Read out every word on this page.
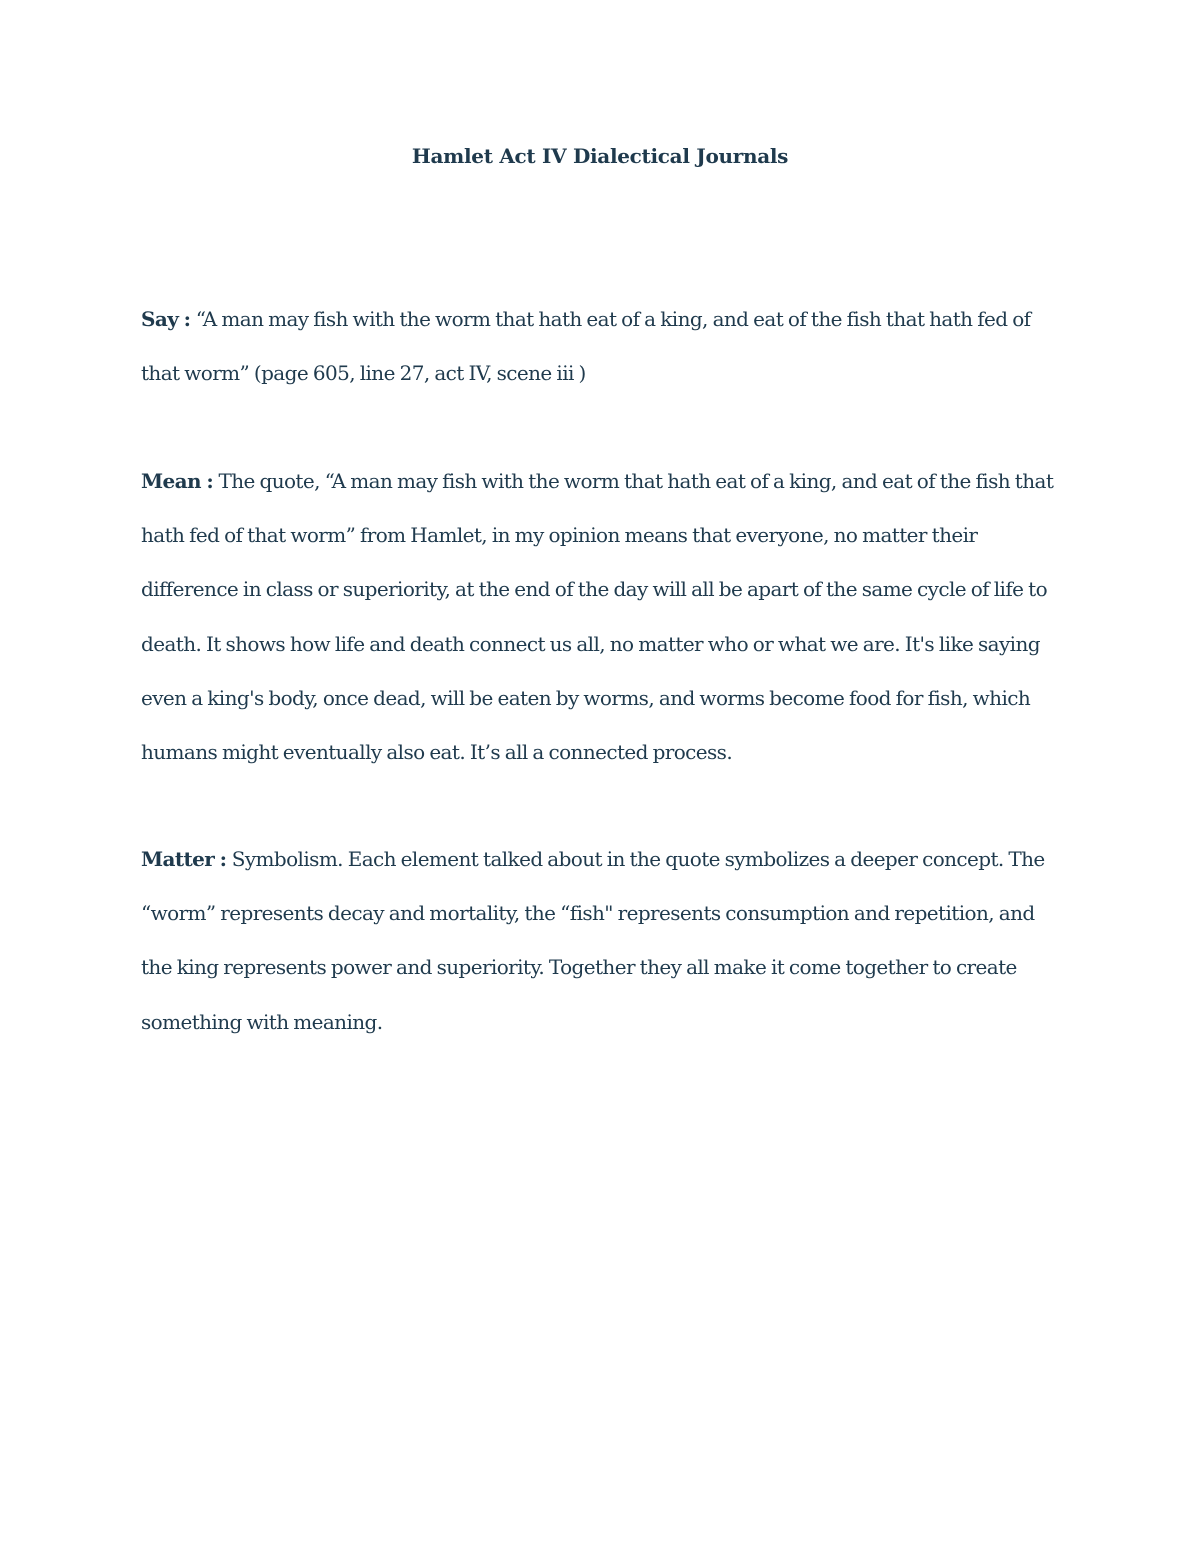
Hamlet Act IV Dialectical Journals
Say : “A man may fish with the worm that hath eat of a king, and eat of the fish that hath fed of that worm” (page 605, line 27, act IV, scene iii )
Mean : The quote, “A man may fish with the worm that hath eat of a king, and eat of the fish that hath fed of that worm” from Hamlet, in my opinion means that everyone, no matter their difference in class or superiority, at the end of the day will all be apart of the same cycle of life to death. It shows how life and death connect us all, no matter who or what we are. It's like saying even a king's body, once dead, will be eaten by worms, and worms become food for fish, which humans might eventually also eat. It’s all a connected process.
Matter : Symbolism. Each element talked about in the quote symbolizes a deeper concept. The “worm” represents decay and mortality, the “fish" represents consumption and repetition, and the king represents power and superiority. Together they all make it come together to create something with meaning.
